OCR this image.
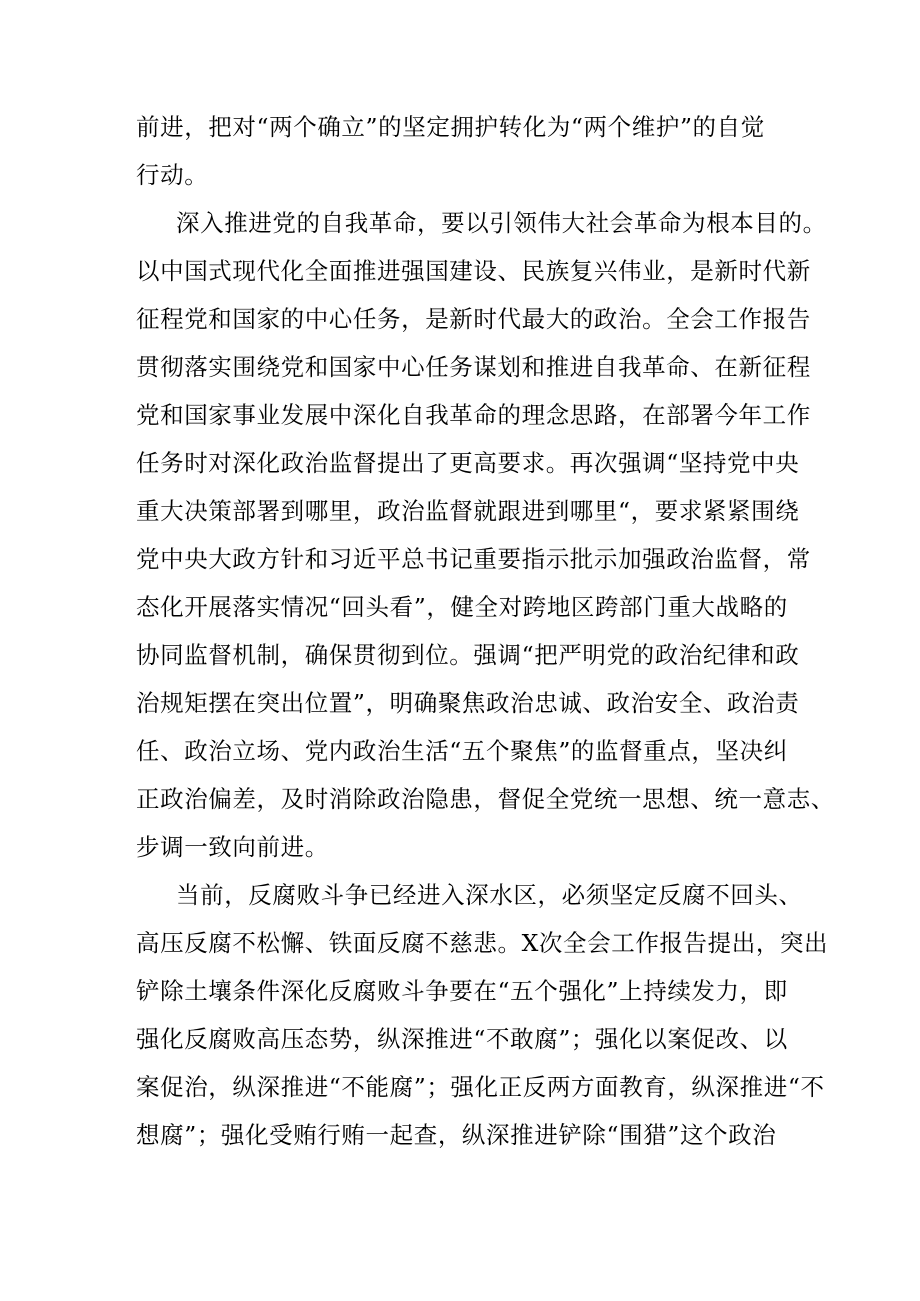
前进，把对“两个确立”的坚定拥护转化为“两个维护”的自觉
行动。
深入推进党的自我革命，要以引领伟大社会革命为根本目的。
以中国式现代化全面推进强国建设、民族复兴伟业，是新时代新
征程党和国家的中心任务，是新时代最大的政治。全会工作报告
贯彻落实围绕党和国家中心任务谋划和推进自我革命、在新征程
党和国家事业发展中深化自我革命的理念思路，在部署今年工作
任务时对深化政治监督提出了更高要求。再次强调“坚持党中央
重大决策部署到哪里，政治监督就跟进到哪里“，要求紧紧围绕
党中央大政方针和习近平总书记重要指示批示加强政治监督，常
态化开展落实情况“回头看”，健全对跨地区跨部门重大战略的
协同监督机制，确保贯彻到位。强调“把严明党的政治纪律和政
治规矩摆在突出位置”，明确聚焦政治忠诚、政治安全、政治责
任、政治立场、党内政治生活“五个聚焦”的监督重点，坚决纠
正政治偏差，及时消除政治隐患，督促全党统一思想、统一意志、
步调一致向前进。
当前，反腐败斗争已经进入深水区，必须坚定反腐不回头、
高压反腐不松懈、铁面反腐不慈悲。X次全会工作报告提出，突出
铲除土壤条件深化反腐败斗争要在“五个强化”上持续发力，即
强化反腐败高压态势，纵深推进“不敢腐”；强化以案促改、以
案促治，纵深推进“不能腐”；强化正反两方面教育，纵深推进“不
想腐”；强化受贿行贿一起查，纵深推进铲除“围猎”这个政治
